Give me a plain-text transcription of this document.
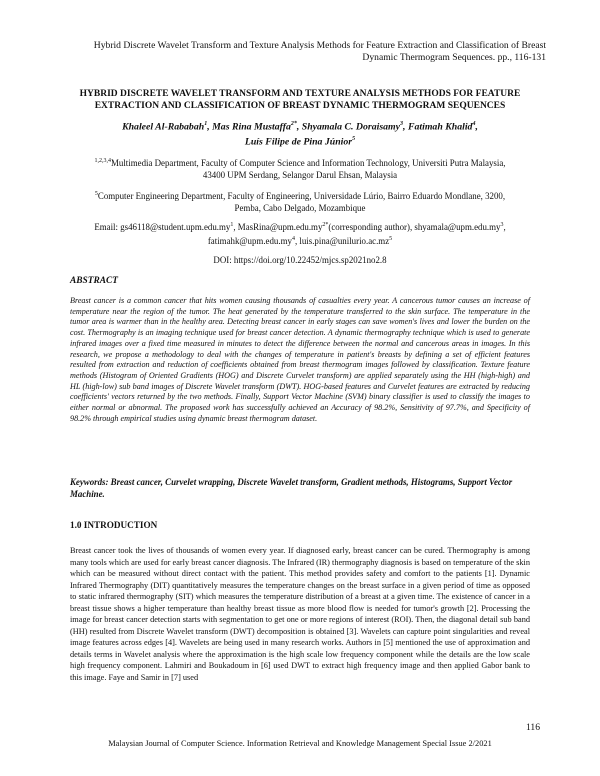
Hybrid Discrete Wavelet Transform and Texture Analysis Methods for Feature Extraction and Classification of Breast
Dynamic Thermogram Sequences. pp., 116-131
HYBRID DISCRETE WAVELET TRANSFORM AND TEXTURE ANALYSIS METHODS FOR FEATURE
EXTRACTION AND CLASSIFICATION OF BREAST DYNAMIC THERMOGRAM SEQUENCES
Khaleel Al-Rababah$^1$, Mas Rina Mustaffa$^{2*}$, Shyamala C. Doraisamy$^3$, Fatimah Khalid$^4$,
Luís Filipe de Pina Júnior$^5$
$^{1,2,3,4}$Multimedia Department, Faculty of Computer Science and Information Technology, Universiti Putra Malaysia,
43400 UPM Serdang, Selangor Darul Ehsan, Malaysia
$^5$Computer Engineering Department, Faculty of Engineering, Universidade Lúrio, Bairro Eduardo Mondlane, 3200,
Pemba, Cabo Delgado, Mozambique
Email: $gs46118@student.upm.edu.my^1$, $MasRina@upm.edu.my^{2*}(corresponding$ author), $shyamala@upm.edu.my^3$,
$fatimahk@upm.edu.my^4$, $luis.pina@unilurio.ac.mz^5$
DOI: https://doi.org/10.22452/mjcs.sp2021no2.8
ABSTRACT
Breast cancer is a common cancer that hits women causing thousands of casualties every year. A cancerous tumor causes an increase of temperature near the region of the tumor. The heat generated by the temperature transferred to the skin surface. The temperature in the tumor area is warmer than in the healthy area. Detecting breast cancer in early stages can save women's lives and lower the burden on the cost. Thermography is an imaging technique used for breast cancer detection. A dynamic thermography technique which is used to generate infrared images over a fixed time measured in minutes to detect the difference between the normal and cancerous areas in images. In this research, we propose a methodology to deal with the changes of temperature in patient's breasts by defining a set of efficient features resulted from extraction and reduction of coefficients obtained from breast thermogram images followed by classification. Texture feature methods (Histogram of Oriented Gradients (HOG) and Discrete Curvelet transform) are applied separately using the HH (high-high) and HL (high-low) sub band images of Discrete Wavelet transform (DWT). HOG-based features and Curvelet features are extracted by reducing coefficients' vectors returned by the two methods. Finally, Support Vector Machine (SVM) binary classifier is used to classify the images to either normal or abnormal. The proposed work has successfully achieved an Accuracy of 98.2%, Sensitivity of 97.7%, and Specificity of 98.2% through empirical studies using dynamic breast thermogram dataset.
Keywords: Breast cancer, Curvelet wrapping, Discrete Wavelet transform, Gradient methods, Histograms, Support Vector Machine.
1.0 INTRODUCTION
Breast cancer took the lives of thousands of women every year. If diagnosed early, breast cancer can be cured. Thermography is among many tools which are used for early breast cancer diagnosis. The Infrared (IR) thermography diagnosis is based on temperature of the skin which can be measured without direct contact with the patient. This method provides safety and comfort to the patients [1]. Dynamic Infrared Thermography (DIT) quantitatively measures the temperature changes on the breast surface in a given period of time as opposed to static infrared thermography (SIT) which measures the temperature distribution of a breast at a given time. The existence of cancer in a breast tissue shows a higher temperature than healthy breast tissue as more blood flow is needed for tumor's growth [2]. Processing the image for breast cancer detection starts with segmentation to get one or more regions of interest (ROI). Then, the diagonal detail sub band (HH) resulted from Discrete Wavelet transform (DWT) decomposition is obtained [3]. Wavelets can capture point singularities and reveal image features across edges [4]. Wavelets are being used in many research works. Authors in [5] mentioned the use of approximation and details terms in Wavelet analysis where the approximation is the high scale low frequency component while the details are the low scale high frequency component. Lahmiri and Boukadoum in [6] used DWT to extract high frequency image and then applied Gabor bank to this image. Faye and Samir in [7] used
116
Malaysian Journal of Computer Science. Information Retrieval and Knowledge Management Special Issue 2/2021
